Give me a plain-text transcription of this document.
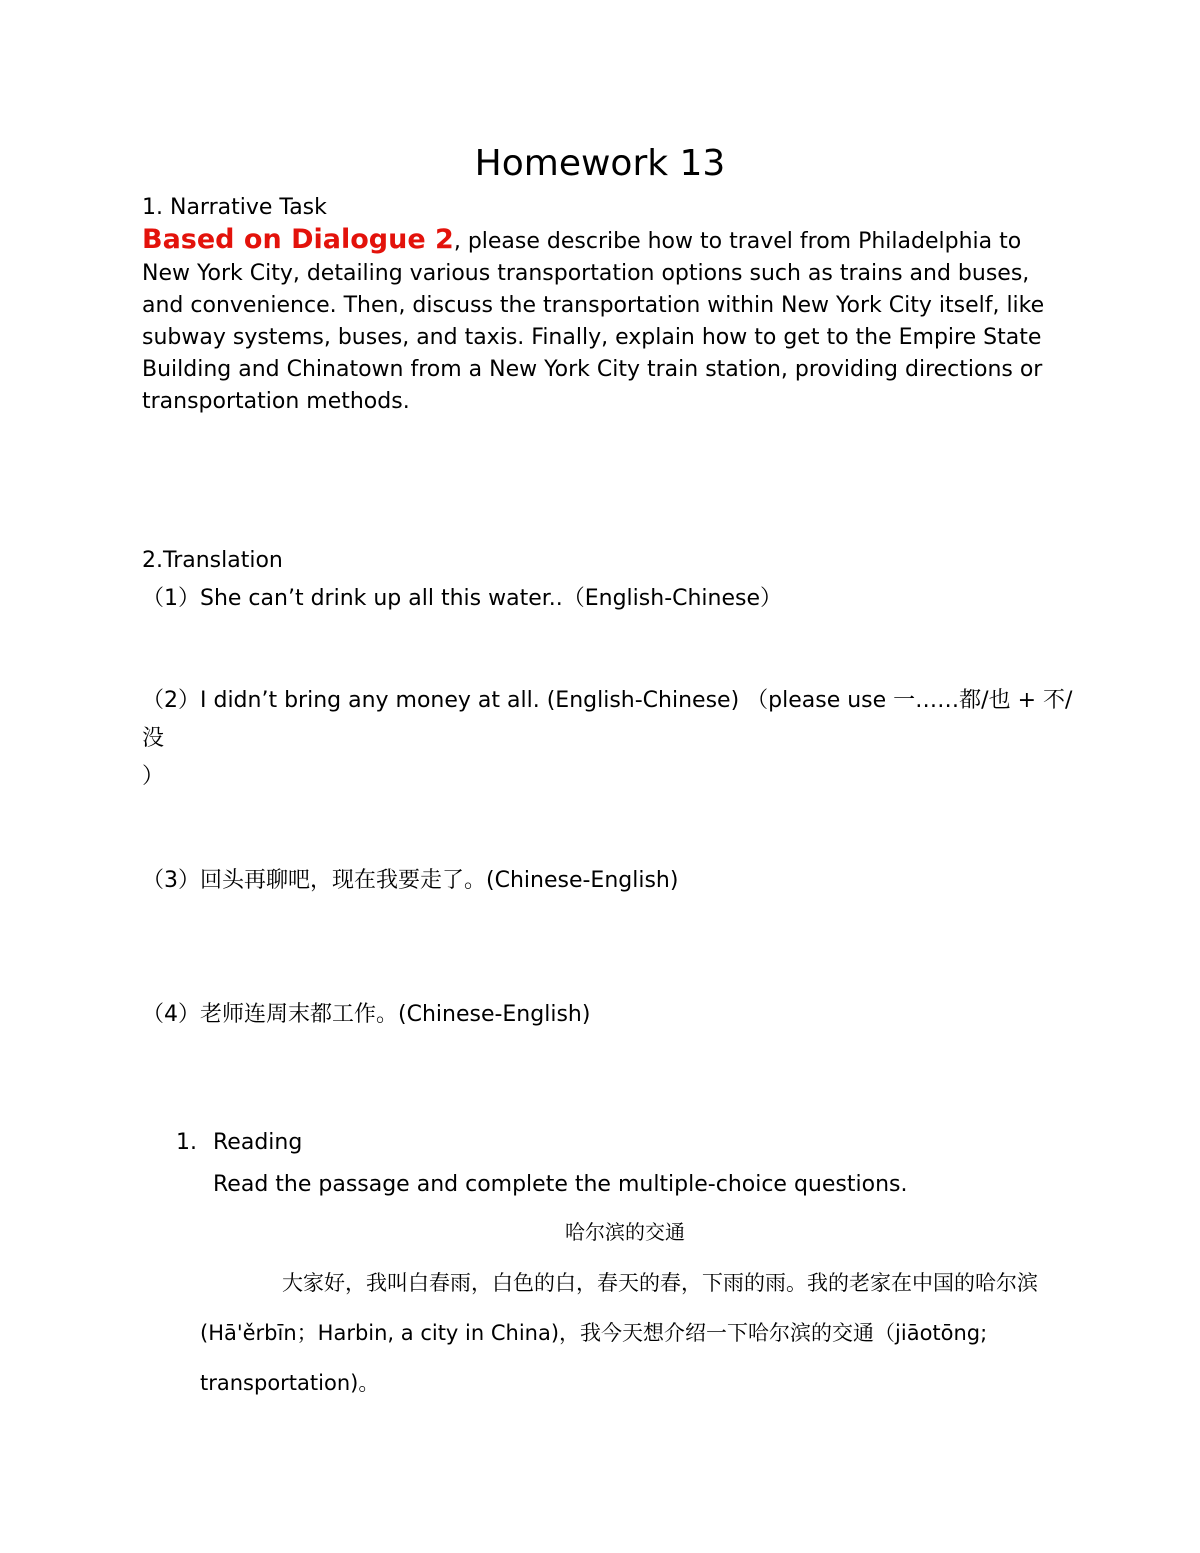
Homework 13
1. Narrative Task

Based on Dialogue 2, please describe how to travel from Philadelphia to New York City, detailing various transportation options such as trains and buses, and convenience. Then, discuss the transportation within New York City itself, like subway systems, buses, and taxis. Finally, explain how to get to the Empire State Building and Chinatown from a New York City train station, providing directions or transportation methods.

2.Translation

（1）She can’t drink up all this water..（English-Chinese）

（2）I didn’t bring any money at all. (English-Chinese) （please use 一……都/也 + 不/没
）

（3）回头再聊吧，现在我要走了。(Chinese-English)

（4）老师连周末都工作。(Chinese-English)

1. Reading
Read the passage and complete the multiple-choice questions.
哈尔滨的交通

大家好，我叫白春雨，白色的白，春天的春，下雨的雨。我的老家在中国的哈尔滨(Hā'ěrbīn；Harbin, a city in China)，我今天想介绍一下哈尔滨的交通（jiāotōng; transportation)。
